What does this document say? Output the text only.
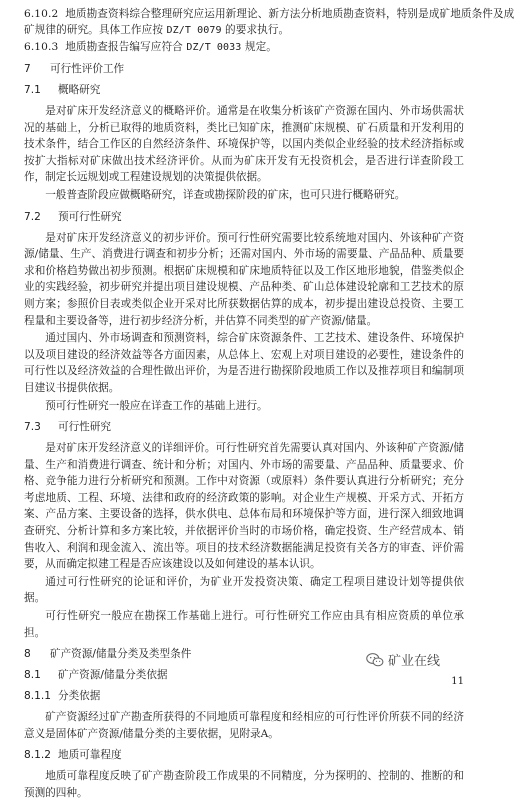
6.10.2  地质勘查资料综合整理研究应运用新理论、新方法分析地质勘查资料，特别是成矿地质条件及成
矿规律的研究。具体工作应按 DZ/T 0079 的要求执行。
6.10.3  地质勘查报告编写应符合 DZ/T 0033 规定。
7 可行性评价工作
7.1 概略研究

是对矿床开发经济意义的概略评价。通常是在收集分析该矿产资源在国内、外市场供需状况的基础上，分析已取得的地质资料，类比已知矿床，推测矿床规模、矿石质量和开发利用的技术条件，结合工作区的自然经济条件、环境保护等，以国内类似企业经验的技术经济指标或按扩大指标对矿床做出技术经济评价。从而为矿床开发有无投资机会，是否进行详查阶段工作，制定长远规划或工程建设规划的决策提供依据。

一般普查阶段应做概略研究，详查或勘探阶段的矿床，也可只进行概略研究。

7.2 预可行性研究

是对矿床开发经济意义的初步评价。预可行性研究需要比较系统地对国内、外该种矿产资源/储量、生产、消费进行调查和初步分析；还需对国内、外市场的需要量、产品品种、质量要求和价格趋势做出初步预测。根据矿床规模和矿床地质特征以及工作区地形地貌，借鉴类似企业的实践经验，初步研究并提出项目建设规模、产品种类、矿山总体建设轮廓和工艺技术的原则方案；参照价目表或类似企业开采对比所获数据估算的成本，初步提出建设总投资、主要工程量和主要设备等，进行初步经济分析，并估算不同类型的矿产资源/储量。

通过国内、外市场调查和预测资料，综合矿床资源条件、工艺技术、建设条件、环境保护以及项目建设的经济效益等各方面因素，从总体上、宏观上对项目建设的必要性，建设条件的可行性以及经济效益的合理性做出评价，为是否进行勘探阶段地质工作以及推荐项目和编制项目建议书提供依据。

预可行性研究一般应在详查工作的基础上进行。

7.3 可行性研究

是对矿床开发经济意义的详细评价。可行性研究首先需要认真对国内、外该种矿产资源/储量、生产和消费进行调查、统计和分析；对国内、外市场的需要量、产品品种、质量要求、价格、竞争能力进行分析研究和预测。工作中对资源（或原料）条件要认真进行分析研究；充分考虑地质、工程、环境、法律和政府的经济政策的影响。对企业生产规模、开采方式、开拓方案、产品方案、主要设备的选择，供水供电、总体布局和环境保护等方面，进行深入细致地调查研究、分析计算和多方案比较，并依据评价当时的市场价格，确定投资、生产经营成本、销售收入、利润和现金流入、流出等。项目的技术经济数据能满足投资有关各方的审查、评价需要，从而确定拟建工程是否应该建设以及如何建设的基本认识。

通过可行性研究的论证和评价，为矿业开发投资决策、确定工程项目建设计划等提供依据。

可行性研究一般应在勘探工作基础上进行。可行性研究工作应由具有相应资质的单位承担。

8 矿产资源/储量分类及类型条件
8.1 矿产资源/储量分类依据
8.1.1 分类依据

矿产资源经过矿产勘查所获得的不同地质可靠程度和经相应的可行性评价所获不同的经济意义是固体矿产资源/储量分类的主要依据，见附录A。

8.1.2 地质可靠程度

地质可靠程度反映了矿产勘查阶段工作成果的不同精度，分为探明的、控制的、推断的和预测的四种。

矿业在线
11
